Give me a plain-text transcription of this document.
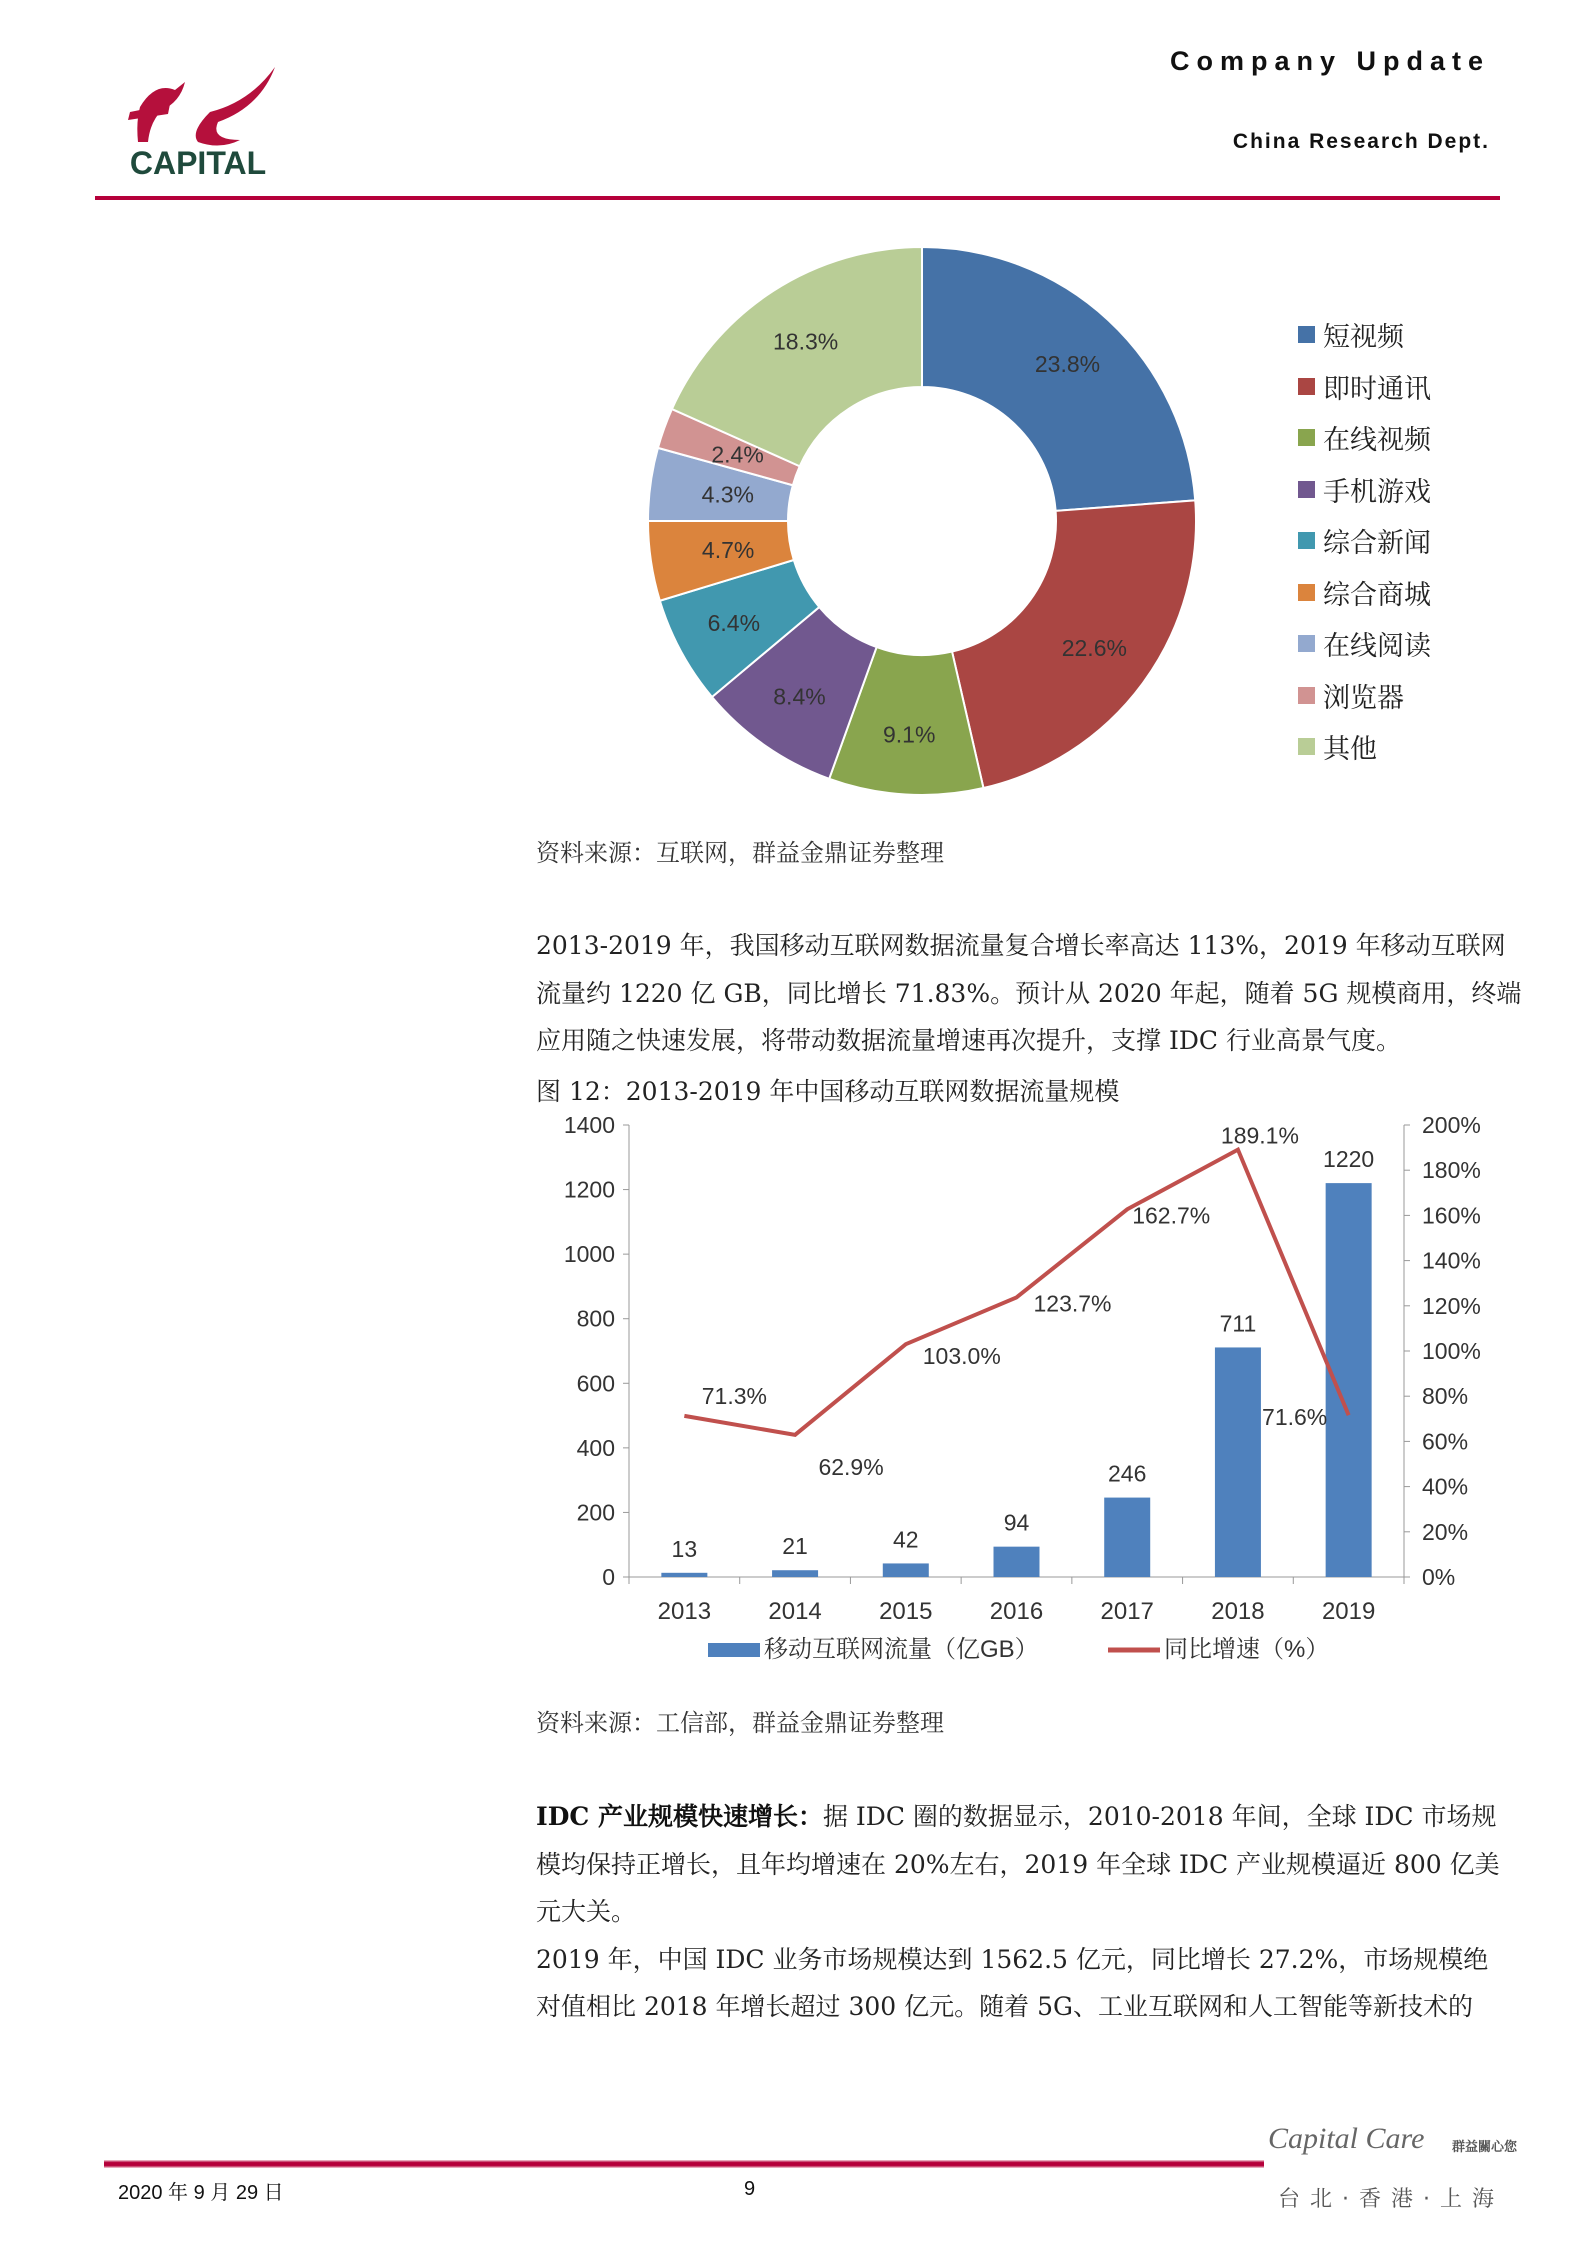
CAPITAL
Company Update
China Research Dept.
23.8%
22.6%
9.1%
8.4%
6.4%
4.7%
4.3%
2.4%
18.3%	短视频
即时通讯
在线视频
手机游戏
综合新闻
综合商城
在线阅读
浏览器
其他
资料来源：互联网，群益金鼎证券整理
2013-2019 年，我国移动互联网数据流量复合增长率高达 113%，2019 年移动互联网
流量约 1220 亿 GB，同比增长 71.83%。预计从 2020 年起，随着 5G 规模商用，终端
应用随之快速发展，将带动数据流量增速再次提升，支撑 IDC 行业高景气度。
图 12：2013-2019 年中国移动互联网数据流量规模
0
200
400
600
800
1000
1200
1400
0%
20%
40%
60%
80%
100%
120%
140%
160%
180%
200%
2013
13
2014
21
2015
42
2016
94
2017
246
2018
711
2019
1220
71.3%
62.9%
103.0%
123.7%
162.7%
189.1%
71.6%
移动互联网流量（亿GB）	同比增速（%）
资料来源：工信部，群益金鼎证券整理
IDC 产业规模快速增长：据 IDC 圈的数据显示，2010-2018 年间，全球 IDC 市场规
模均保持正增长，且年均增速在 20%左右，2019 年全球 IDC 产业规模逼近 800 亿美
元大关。
2019 年，中国 IDC 业务市场规模达到 1562.5 亿元，同比增长 27.2%，市场规模绝
对值相比 2018 年增长超过 300 亿元。随着 5G、工业互联网和人工智能等新技术的
2020 年 9 月 29 日	9
Capital Care 群益關心您
台北·香港·上海
